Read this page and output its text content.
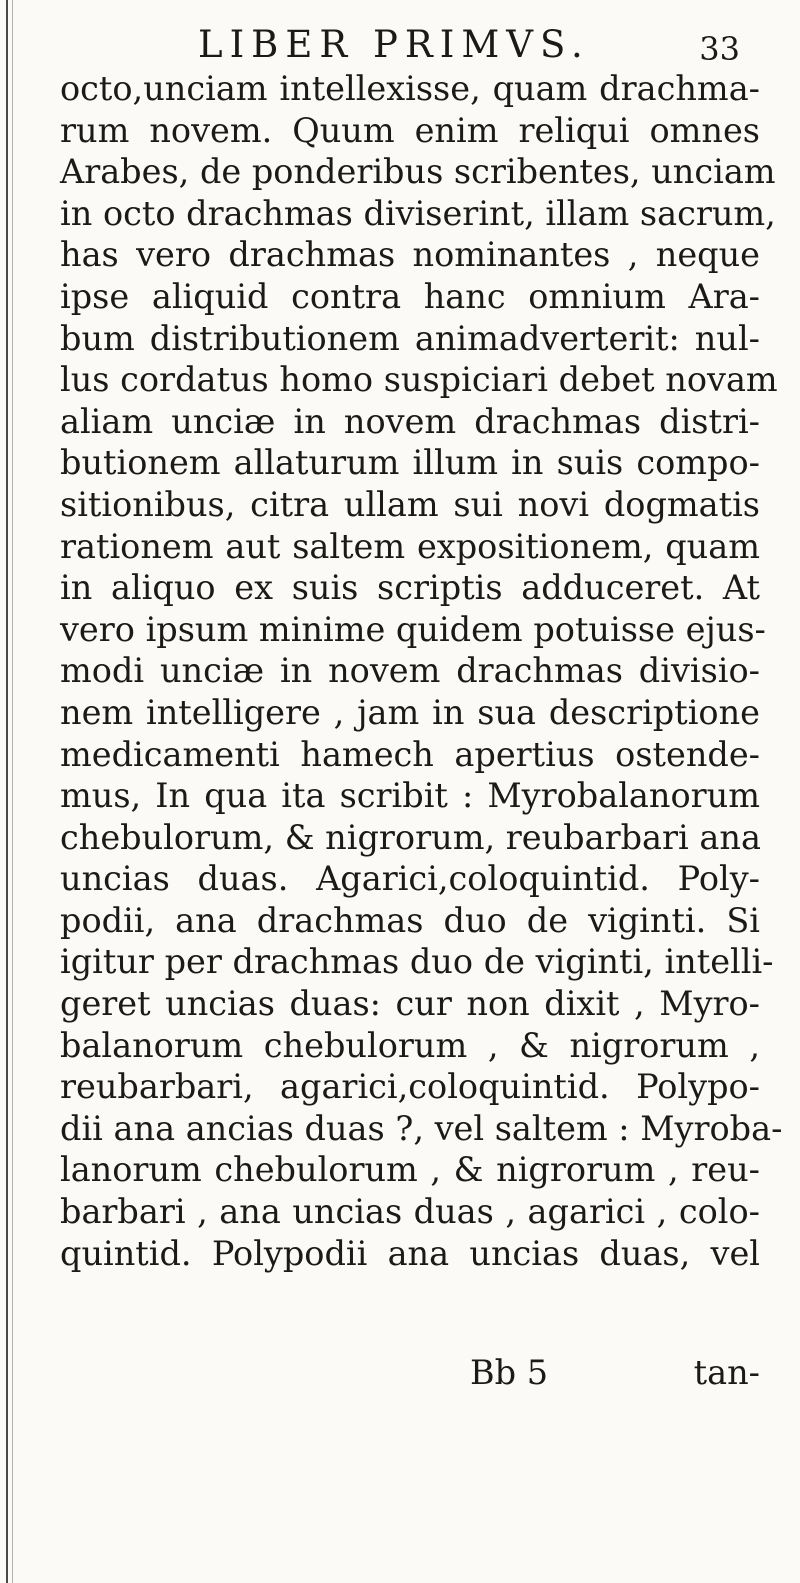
LIBER PRIMVS.	33
octo,unciam intellexisse, quam drachma-
rum novem. Quum enim reliqui omnes
Arabes, de ponderibus scribentes, unciam
in octo drachmas diviserint, illam sacrum,
has vero drachmas nominantes , neque
ipse aliquid contra hanc omnium Ara-
bum distributionem animadverterit: nul-
lus cordatus homo suspiciari debet novam
aliam unciæ in novem drachmas distri-
butionem allaturum illum in suis compo-
sitionibus, citra ullam sui novi dogmatis
rationem aut saltem expositionem, quam
in aliquo ex suis scriptis adduceret. At
vero ipsum minime quidem potuisse ejus-
modi unciæ in novem drachmas divisio-
nem intelligere , jam in sua descriptione
medicamenti hamech apertius ostende-
mus, In qua ita scribit : Myrobalanorum
chebulorum, & nigrorum, reubarbari ana
uncias duas. Agarici,coloquintid. Poly-
podii, ana drachmas duo de viginti. Si
igitur per drachmas duo de viginti, intelli-
geret uncias duas: cur non dixit , Myro-
balanorum chebulorum , & nigrorum ,
reubarbari, agarici,coloquintid. Polypo-
dii ana ancias duas ?, vel saltem : Myroba-
lanorum chebulorum , & nigrorum , reu-
barbari , ana uncias duas , agarici , colo-
quintid. Polypodii ana uncias duas, vel
Bb 5	tan-
